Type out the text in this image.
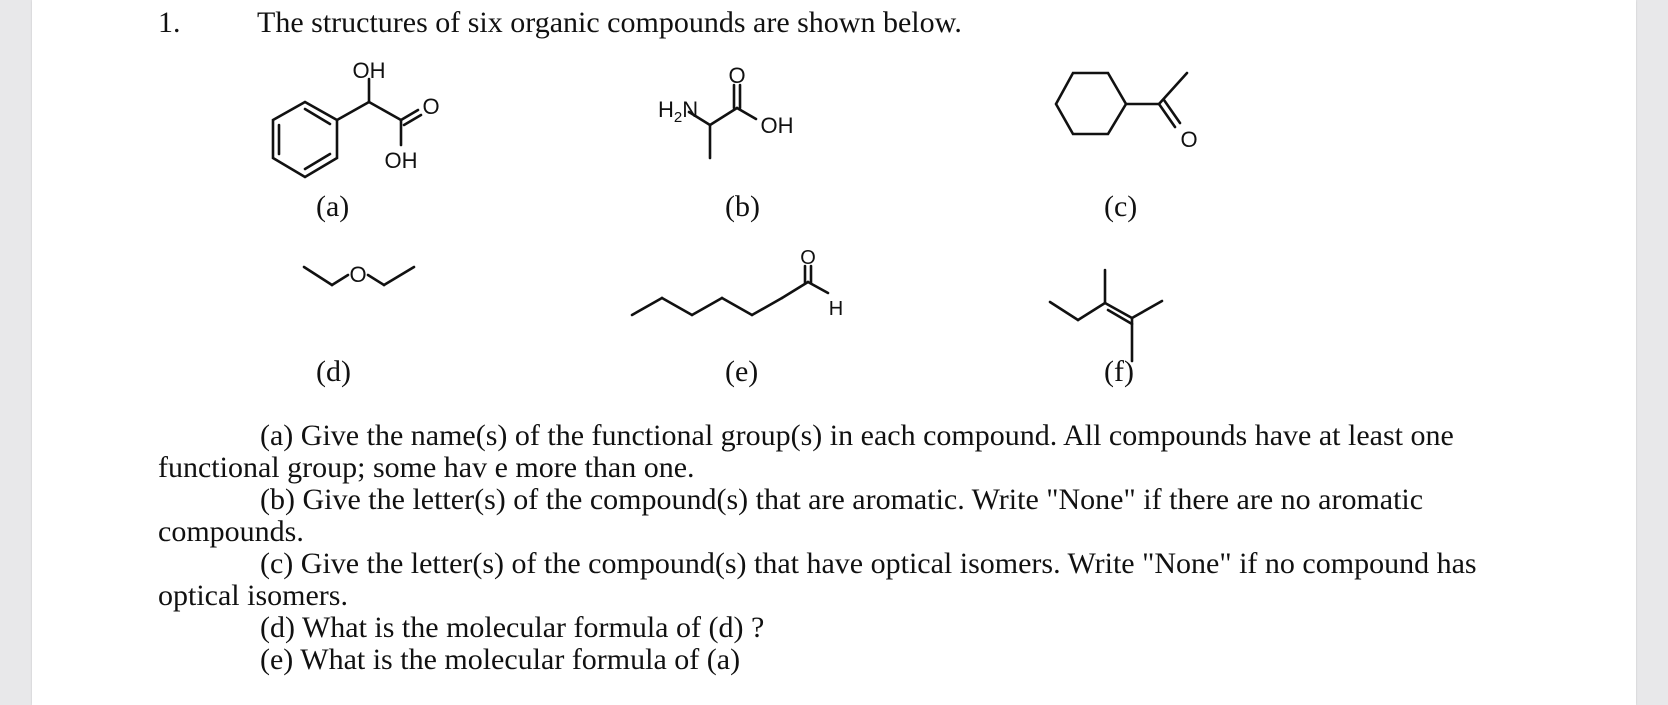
1.	The structures of six organic compounds are shown below.
OH
O
OH
(a)
$H_2N$
O
OH
(b)
O
(c)
O
(d)
O
H
(e)	(f)
(a) Give the name(s) of the functional group(s) in each compound. All compounds have at least one
functional group; some hav e more than one.
(b) Give the letter(s) of the compound(s) that are aromatic. Write "None" if there are no aromatic
compounds.
(c) Give the letter(s) of the compound(s) that have optical isomers. Write "None" if no compound has
optical isomers.
(d) What is the molecular formula of (d) ?
(e) What is the molecular formula of (a)
